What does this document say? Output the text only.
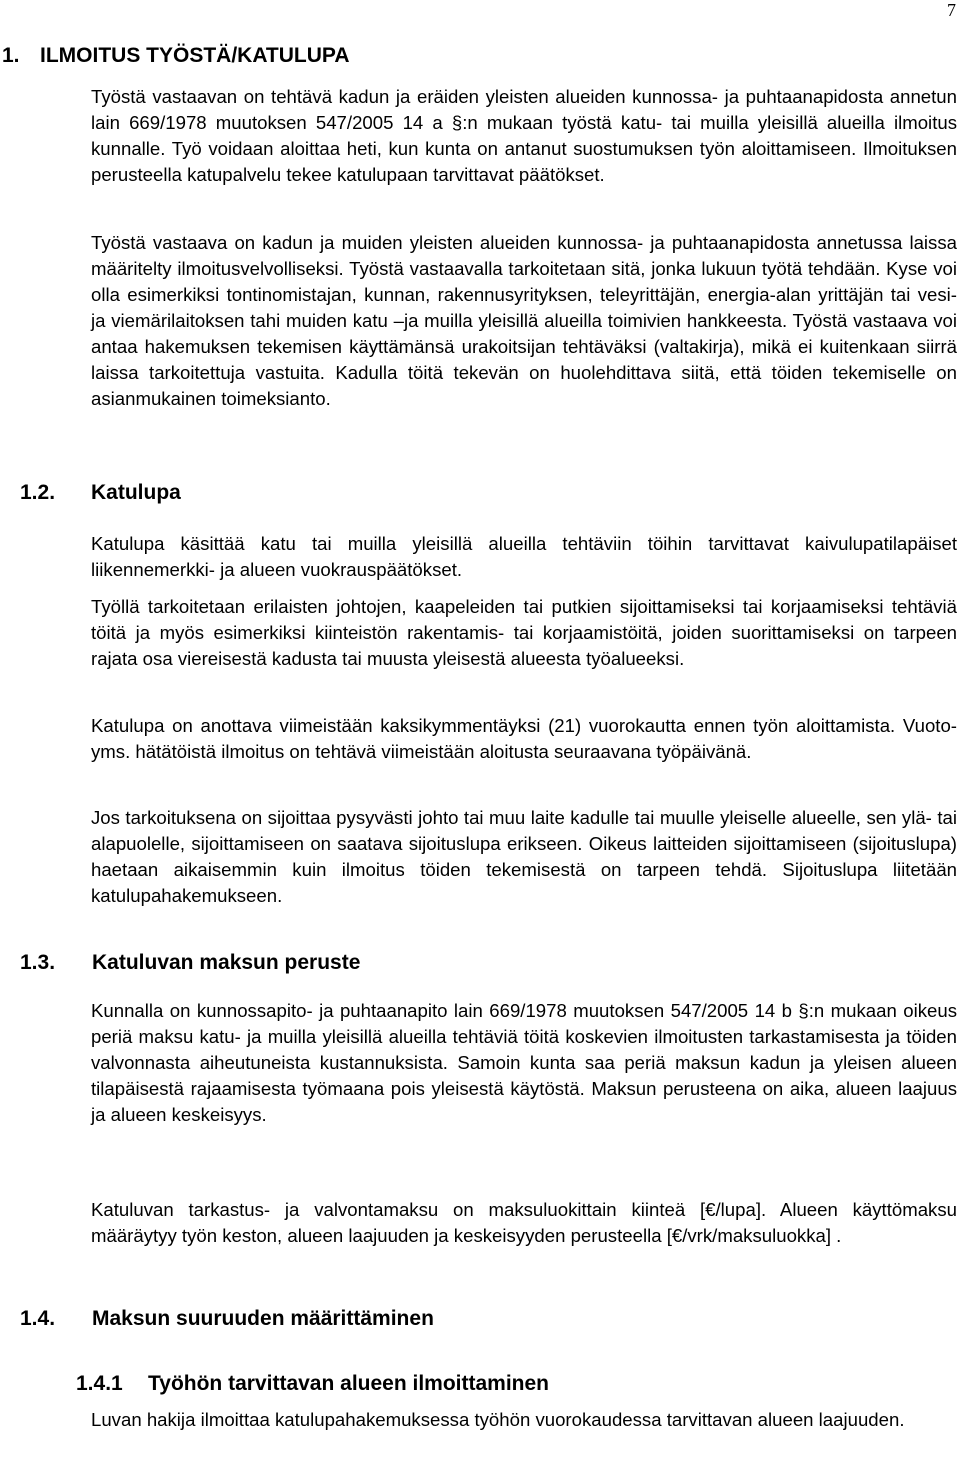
7
1. ILMOITUS TYÖSTÄ/KATULUPA

Työstä vastaavan on tehtävä kadun ja eräiden yleisten alueiden kunnossa- ja puhtaanapidosta annetun lain 669/1978 muutoksen 547/2005 14 a §:n mukaan työstä katu- tai muilla yleisillä alueilla ilmoitus kunnalle. Työ voidaan aloittaa heti, kun kunta on antanut suostumuksen työn aloittamiseen. Ilmoituksen perusteella katupalvelu tekee katulupaan tarvittavat päätökset.

Työstä vastaava on kadun ja muiden yleisten alueiden kunnossa- ja puhtaanapidosta annetussa laissa määritelty ilmoitusvelvolliseksi. Työstä vastaavalla tarkoitetaan sitä, jonka lukuun työtä tehdään. Kyse voi olla esimerkiksi tontinomistajan, kunnan, rakennusyrityksen, teleyrittäjän, energia-alan yrittäjän tai vesi- ja viemärilaitoksen tahi muiden katu –ja muilla yleisillä alueilla toimivien hankkeesta. Työstä vastaava voi antaa hakemuksen tekemisen käyttämänsä urakoitsijan tehtäväksi (valtakirja), mikä ei kuitenkaan siirrä laissa tarkoitettuja vastuita. Kadulla töitä tekevän on huolehdittava siitä, että töiden tekemiselle on asianmukainen toimeksianto.

1.2. Katulupa

Katulupa käsittää katu tai muilla yleisillä alueilla tehtäviin töihin tarvittavat kaivulupatilapäiset liikennemerkki- ja alueen vuokrauspäätökset.

Työllä tarkoitetaan erilaisten johtojen, kaapeleiden tai putkien sijoittamiseksi tai korjaamiseksi tehtäviä töitä ja myös esimerkiksi kiinteistön rakentamis- tai korjaamistöitä, joiden suorittamiseksi on tarpeen rajata osa viereisestä kadusta tai muusta yleisestä alueesta työalueeksi.

Katulupa on anottava viimeistään kaksikymmentäyksi (21) vuorokautta ennen työn aloittamista. Vuoto- yms. hätätöistä ilmoitus on tehtävä viimeistään aloitusta seuraavana työpäivänä.

Jos tarkoituksena on sijoittaa pysyvästi johto tai muu laite kadulle tai muulle yleiselle alueelle, sen ylä- tai alapuolelle, sijoittamiseen on saatava sijoituslupa erikseen. Oikeus laitteiden sijoittamiseen (sijoituslupa) haetaan aikaisemmin kuin ilmoitus töiden tekemisestä on tarpeen tehdä. Sijoituslupa liitetään katulupahakemukseen.

1.3. Katuluvan maksun peruste

Kunnalla on kunnossapito- ja puhtaanapito lain 669/1978 muutoksen 547/2005 14 b §:n mukaan oikeus periä maksu katu- ja muilla yleisillä alueilla tehtäviä töitä koskevien ilmoitusten tarkastamisesta ja töiden valvonnasta aiheutuneista kustannuksista. Samoin kunta saa periä maksun kadun ja yleisen alueen tilapäisestä rajaamisesta työmaana pois yleisestä käytöstä. Maksun perusteena on aika, alueen laajuus ja alueen keskeisyys.

Katuluvan tarkastus- ja valvontamaksu on maksuluokittain kiinteä [€/lupa]. Alueen käyttömaksu määräytyy työn keston, alueen laajuuden ja keskeisyyden perusteella [€/vrk/maksuluokka] .

1.4. Maksun suuruuden määrittäminen
1.4.1 Työhön tarvittavan alueen ilmoittaminen

Luvan hakija ilmoittaa katulupahakemuksessa työhön vuorokaudessa tarvittavan alueen laajuuden.
